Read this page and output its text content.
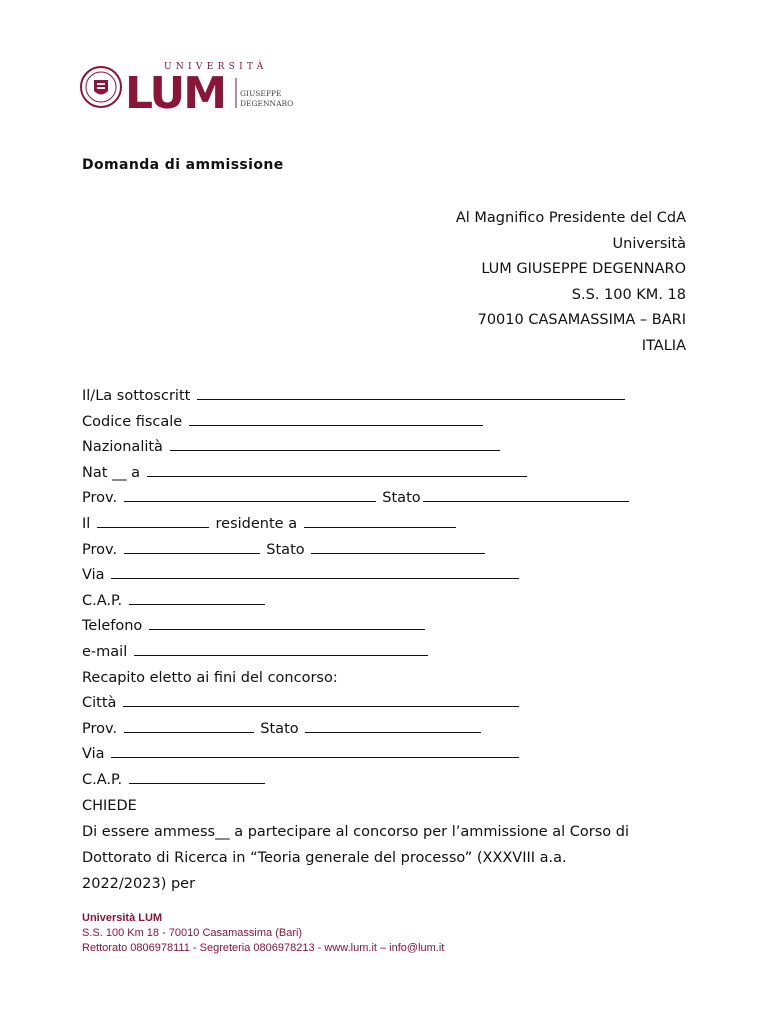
UNIVERSITÀ
LUM GIUSEPPE
DEGENNARO
Domanda di ammissione
Al Magnifico Presidente del CdA
Università
LUM GIUSEPPE DEGENNARO
S.S. 100 KM. 18
70010 CASAMASSIMA – BARI
ITALIA
Il/La sottoscritt
Codice fiscale
Nazionalità
Nat __ a
Prov.	Stato
Il	residente a
Prov.	Stato
Via
C.A.P.
Telefono
e-mail
Recapito eletto ai fini del concorso:
Città
Prov.	Stato
Via
C.A.P.
CHIEDE
Di essere ammess__ a partecipare al concorso per l’ammissione al Corso di
Dottorato di Ricerca in “Teoria generale del processo” (XXXVIII a.a.
2022/2023) per
Università LUM
S.S. 100 Km 18 - 70010 Casamassima (Bari)
Rettorato 0806978111 - Segreteria 0806978213 - www.lum.it – info@lum.it
